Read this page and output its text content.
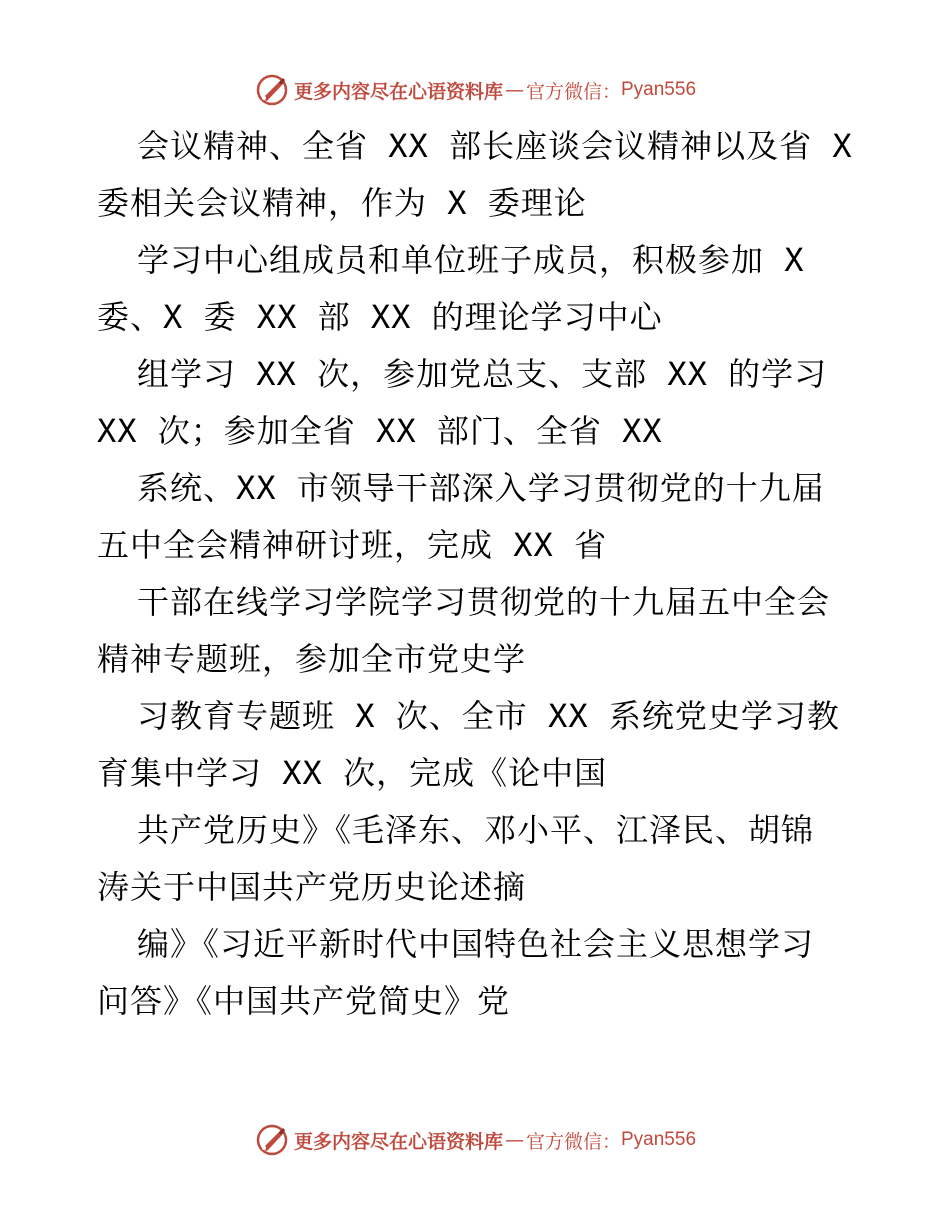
更多内容尽在心语资料库 — 官方微信： Pyan556
会议精神、全省 XX 部长座谈会议精神以及省 X
委相关会议精神，作为 X 委理论
学习中心组成员和单位班子成员，积极参加 X
委、X 委 XX 部 XX 的理论学习中心
组学习 XX 次，参加党总支、支部 XX 的学习
XX 次；参加全省 XX 部门、全省 XX
系统、XX 市领导干部深入学习贯彻党的十九届
五中全会精神研讨班，完成 XX 省
干部在线学习学院学习贯彻党的十九届五中全会
精神专题班，参加全市党史学
习教育专题班 X 次、全市 XX 系统党史学习教
育集中学习 XX 次，完成《论中国
共产党历史》《毛泽东、邓小平、江泽民、胡锦
涛关于中国共产党历史论述摘
编》《习近平新时代中国特色社会主义思想学习
问答》《中国共产党简史》党
更多内容尽在心语资料库 — 官方微信： Pyan556
